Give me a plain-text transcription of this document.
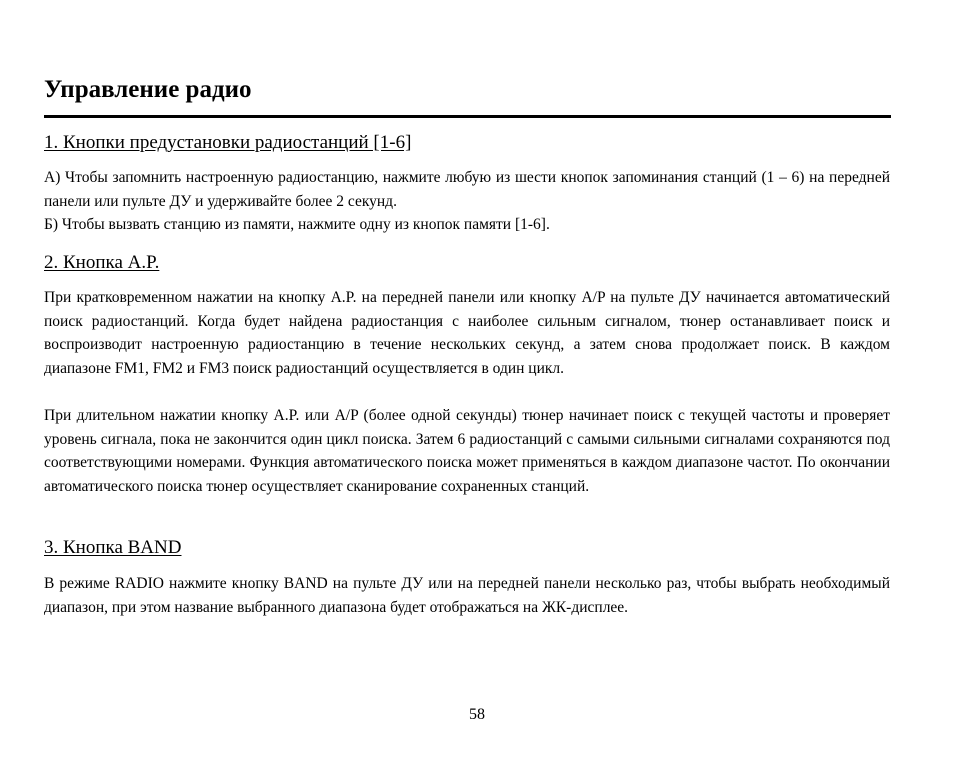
Управление радио
1. Кнопки предустановки радиостанций [1-6]

А) Чтобы запомнить настроенную радиостанцию, нажмите любую из шести кнопок запоминания станций (1 – 6) на передней панели или пульте ДУ и удерживайте более 2 секунд.

Б) Чтобы вызвать станцию из памяти, нажмите одну из кнопок памяти [1-6].

2. Кнопка A.P.

При кратковременном нажатии на кнопку A.P. на передней панели или кнопку A/P на пульте ДУ начинается автоматический поиск радиостанций. Когда будет найдена радиостанция с наиболее сильным сигналом, тюнер останавливает поиск и воспроизводит настроенную радиостанцию в течение нескольких секунд, а затем снова продолжает поиск. В каждом диапазоне FM1, FM2 и FM3 поиск радиостанций осуществляется в один цикл.

При длительном нажатии кнопку A.P. или A/P (более одной секунды) тюнер начинает поиск с текущей частоты и проверяет уровень сигнала, пока не закончится один цикл поиска. Затем 6 радиостанций с самыми сильными сигналами сохраняются под соответствующими номерами. Функция автоматического поиска может применяться в каждом диапазоне частот. По окончании автоматического поиска тюнер осуществляет сканирование сохраненных станций.

3. Кнопка BAND

В режиме RADIO нажмите кнопку BAND на пульте ДУ или на передней панели несколько раз, чтобы выбрать необходимый диапазон, при этом название выбранного диапазона будет отображаться на ЖК-дисплее.

58
